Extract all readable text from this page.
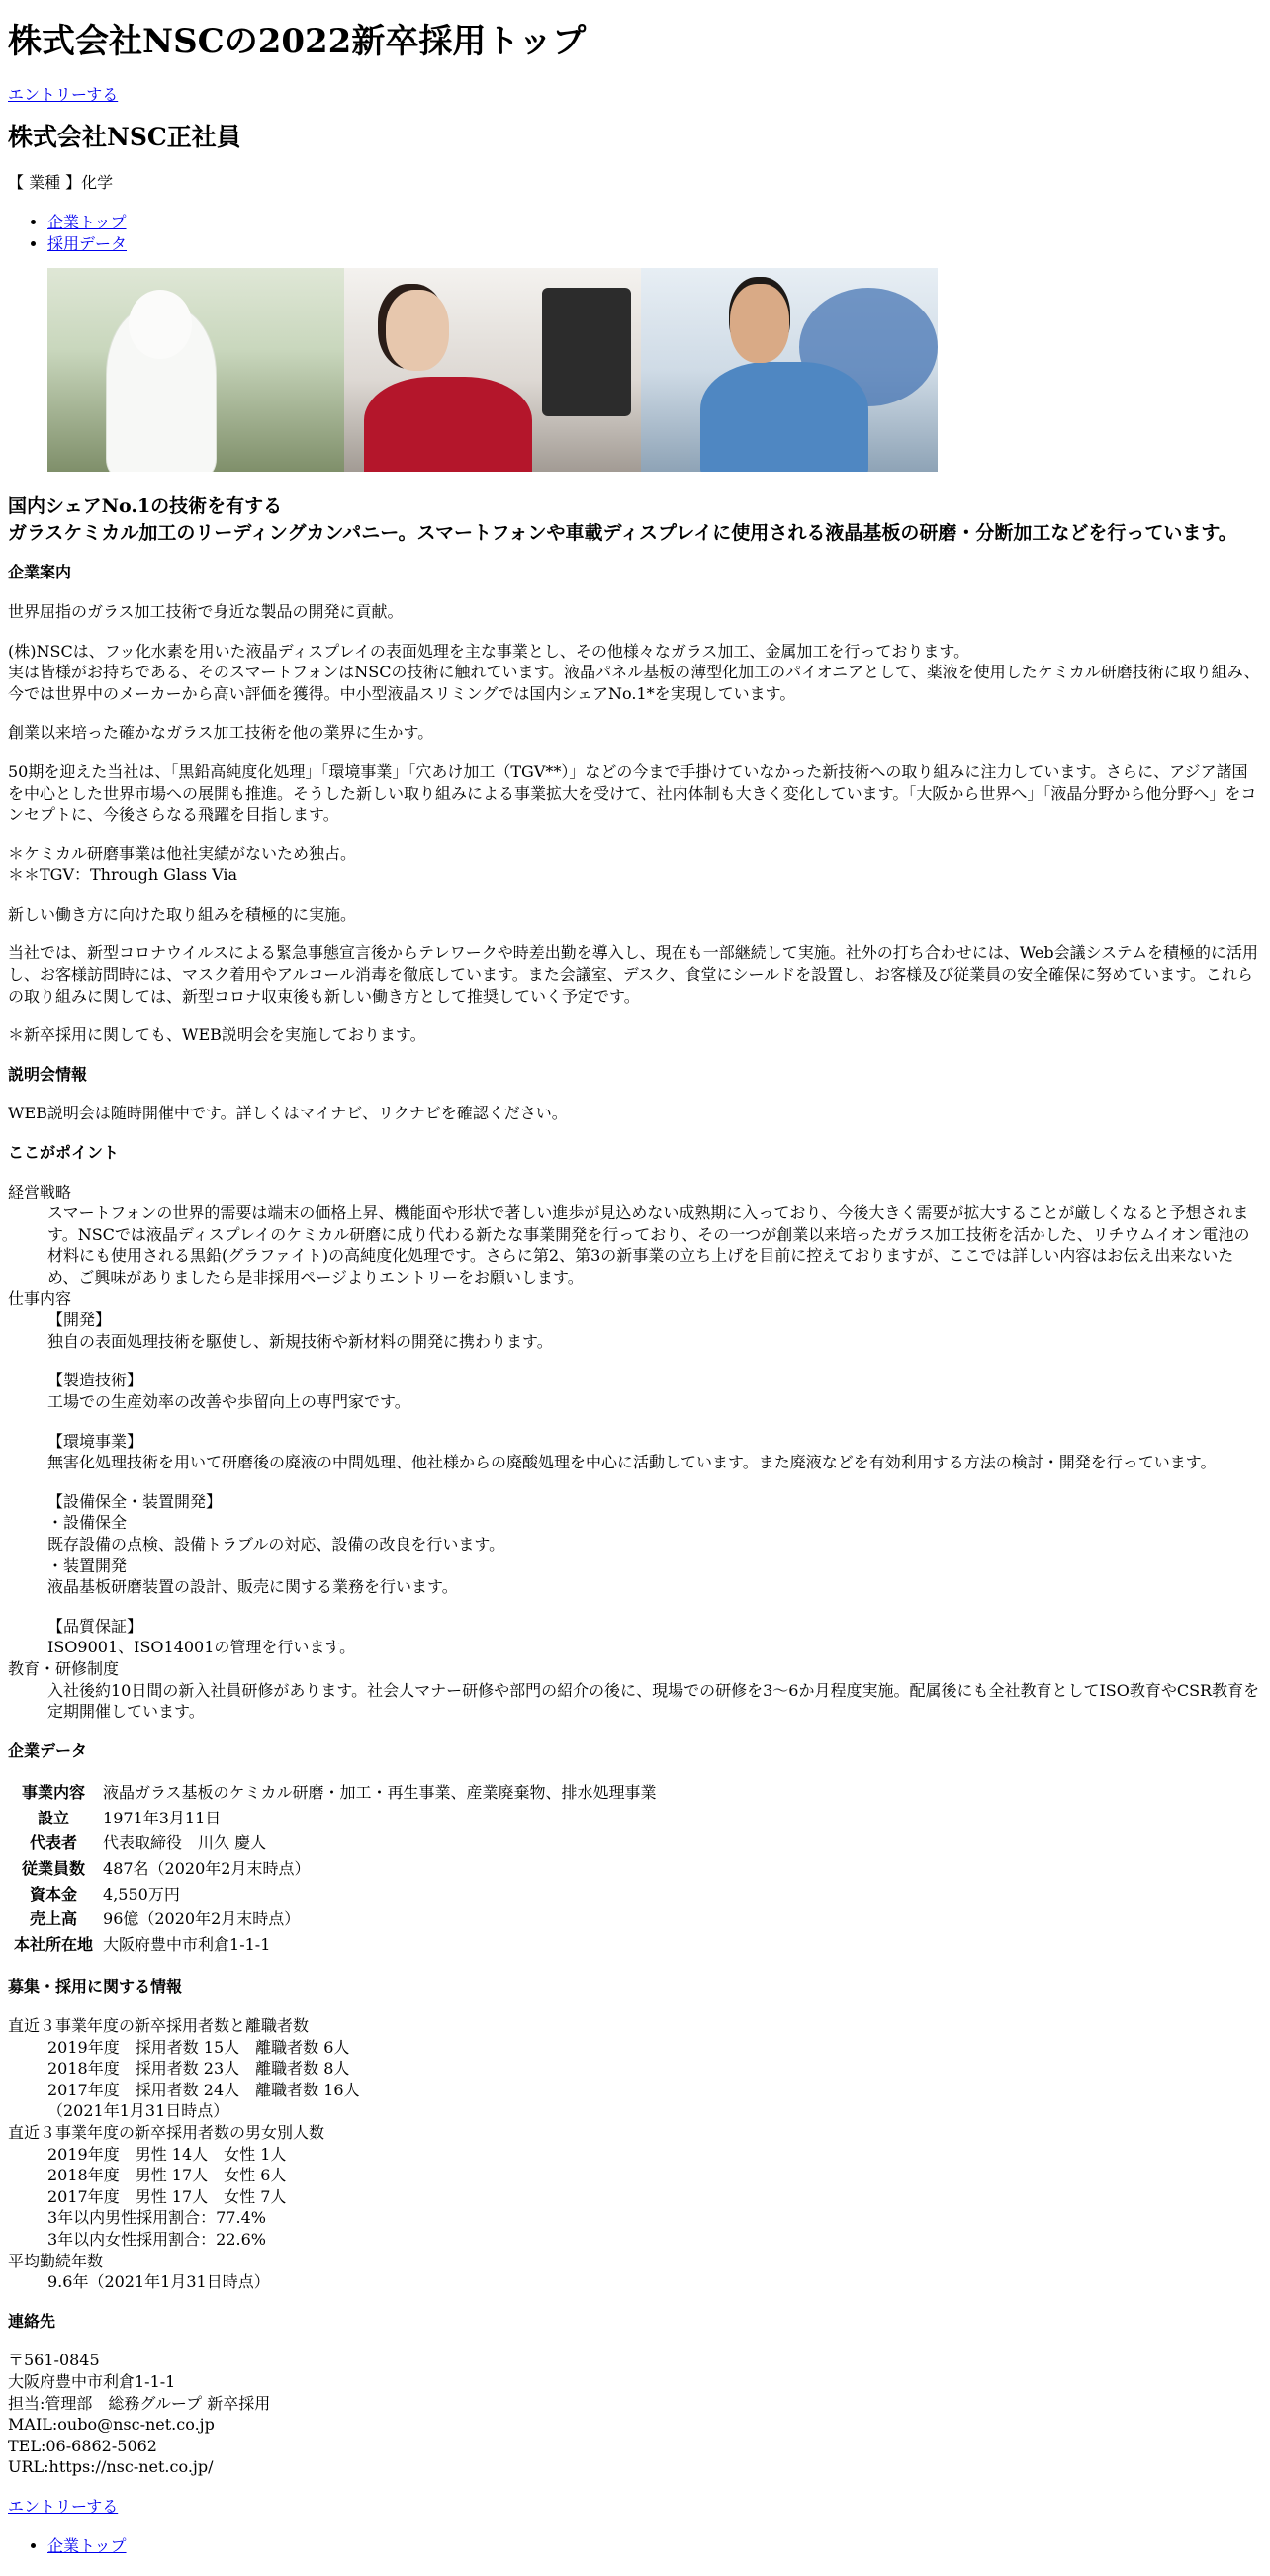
株式会社NSCの2022新卒採用トップ

エントリーする

株式会社NSC正社員

【 業種 】化学

• 企業トップ
• 採用データ
国内シェアNo.1の技術を有する
ガラスケミカル加工のリーディングカンパニー。スマートフォンや車載ディスプレイに使用される液晶基板の研磨・分断加工などを行っています。
企業案内

世界屈指のガラス加工技術で身近な製品の開発に貢献。

(株)NSCは、フッ化水素を用いた液晶ディスプレイの表面処理を主な事業とし、その他様々なガラス加工、金属加工を行っております。
実は皆様がお持ちである、そのスマートフォンはNSCの技術に触れています。液晶パネル基板の薄型化加工のパイオニアとして、薬液を使用したケミカル研磨技術に取り組み、今では世界中のメーカーから高い評価を獲得。中小型液晶スリミングでは国内シェアNo.1*を実現しています。

創業以来培った確かなガラス加工技術を他の業界に生かす。

50期を迎えた当社は、「黒鉛高純度化処理」「環境事業」「穴あけ加工（TGV**）」などの今まで手掛けていなかった新技術への取り組みに注力しています。さらに、アジア諸国を中心とした世界市場への展開も推進。そうした新しい取り組みによる事業拡大を受けて、社内体制も大きく変化しています。「大阪から世界へ」「液晶分野から他分野へ」をコンセプトに、今後さらなる飛躍を目指します。

＊ケミカル研磨事業は他社実績がないため独占。
＊＊TGV：Through Glass Via

新しい働き方に向けた取り組みを積極的に実施。

当社では、新型コロナウイルスによる緊急事態宣言後からテレワークや時差出勤を導入し、現在も一部継続して実施。社外の打ち合わせには、Web会議システムを積極的に活用し、お客様訪問時には、マスク着用やアルコール消毒を徹底しています。また会議室、デスク、食堂にシールドを設置し、お客様及び従業員の安全確保に努めています。これらの取り組みに関しては、新型コロナ収束後も新しい働き方として推奨していく予定です。

＊新卒採用に関しても、WEB説明会を実施しております。

説明会情報

WEB説明会は随時開催中です。詳しくはマイナビ、リクナビを確認ください。

ここがポイント
経営戦略
スマートフォンの世界的需要は端末の価格上昇、機能面や形状で著しい進歩が見込めない成熟期に入っており、今後大きく需要が拡大することが厳しくなると予想されます。NSCでは液晶ディスプレイのケミカル研磨に成り代わる新たな事業開発を行っており、その一つが創業以来培ったガラス加工技術を活かした、リチウムイオン電池の材料にも使用される黒鉛(グラファイト)の高純度化処理です。さらに第2、第3の新事業の立ち上げを目前に控えておりますが、ここでは詳しい内容はお伝え出来ないため、ご興味がありましたら是非採用ページよりエントリーをお願いします。
仕事内容
【開発】
独自の表面処理技術を駆使し、新規技術や新材料の開発に携わります。
【製造技術】
工場での生産効率の改善や歩留向上の専門家です。
【環境事業】
無害化処理技術を用いて研磨後の廃液の中間処理、他社様からの廃酸処理を中心に活動しています。また廃液などを有効利用する方法の検討・開発を行っています。
【設備保全・装置開発】
・設備保全
既存設備の点検、設備トラブルの対応、設備の改良を行います。
・装置開発
液晶基板研磨装置の設計、販売に関する業務を行います。
【品質保証】
ISO9001、ISO14001の管理を行います。
教育・研修制度
入社後約10日間の新入社員研修があります。社会人マナー研修や部門の紹介の後に、現場での研修を3〜6か月程度実施。配属後にも全社教育としてISO教育やCSR教育を定期開催しています。
企業データ
事業内容	液晶ガラス基板のケミカル研磨・加工・再生事業、産業廃棄物、排水処理事業
設立	1971年3月11日
代表者	代表取締役　川久 慶人
従業員数	487名（2020年2月末時点）
資本金	4,550万円
売上高	96億（2020年2月末時点）
本社所在地	大阪府豊中市利倉1-1-1
募集・採用に関する情報
直近３事業年度の新卒採用者数と離職者数
2019年度　採用者数 15人　離職者数 6人
2018年度　採用者数 23人　離職者数 8人
2017年度　採用者数 24人　離職者数 16人
（2021年1月31日時点）
直近３事業年度の新卒採用者数の男女別人数
2019年度　男性 14人　女性 1人
2018年度　男性 17人　女性 6人
2017年度　男性 17人　女性 7人
3年以内男性採用割合：77.4%
3年以内女性採用割合：22.6%
平均勤続年数
9.6年（2021年1月31日時点）
連絡先

〒561-0845

大阪府豊中市利倉1-1-1

担当:管理部　総務グループ 新卒採用

MAIL:oubo@nsc-net.co.jp

TEL:06-6862-5062

URL:https://nsc-net.co.jp/

エントリーする

• 企業トップ
